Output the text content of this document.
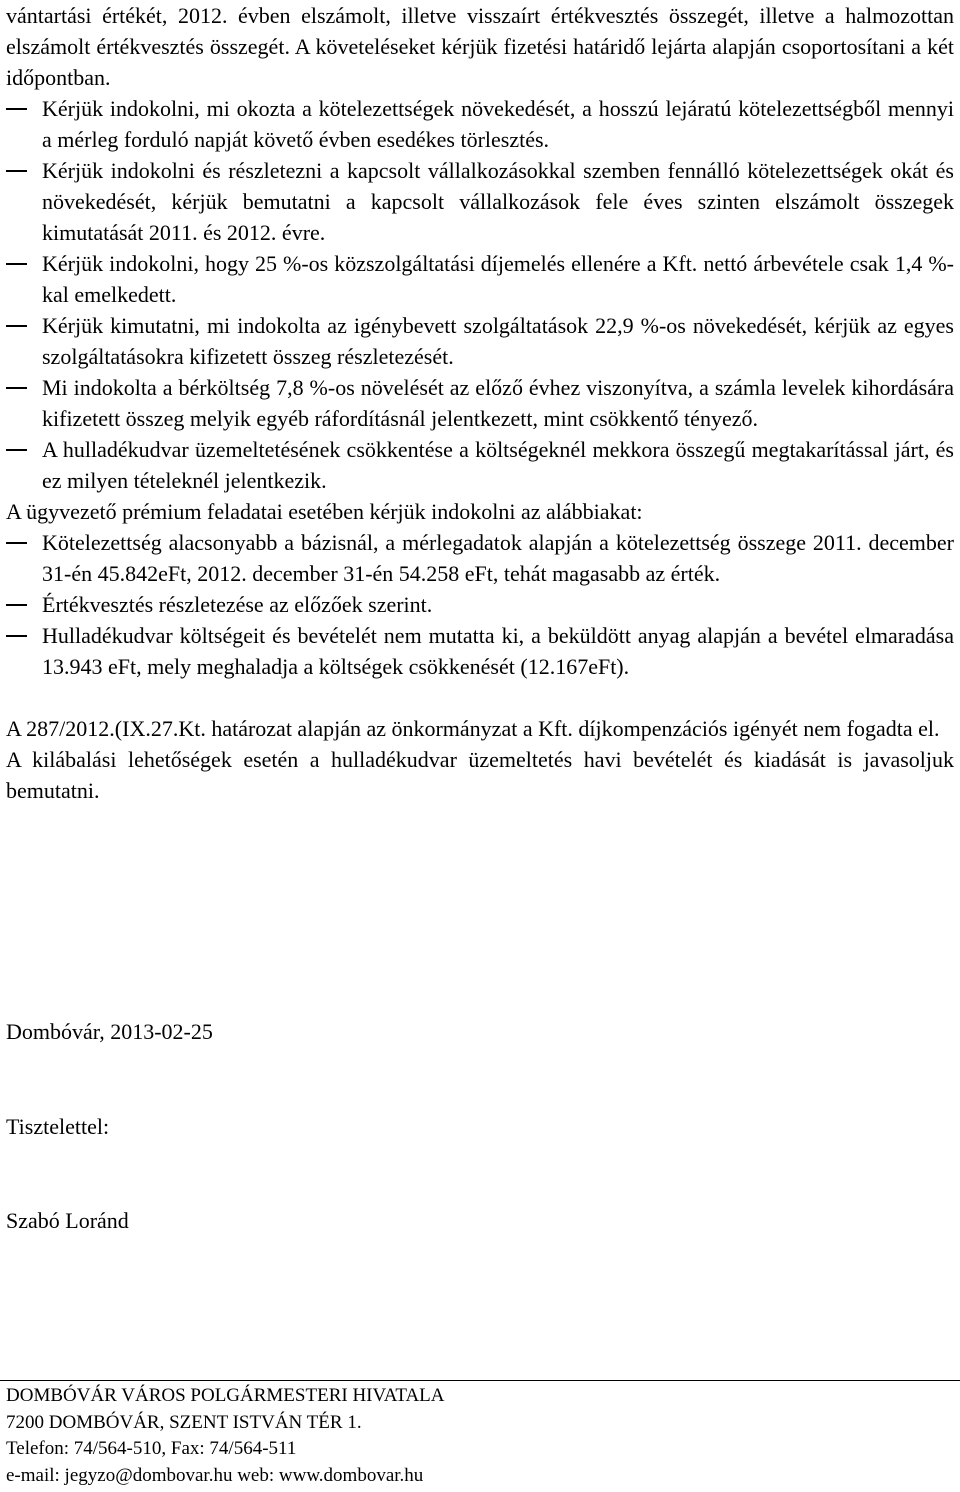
vántartási értékét, 2012. évben elszámolt, illetve visszaírt értékvesztés összegét, illetve a halmozottan elszámolt értékvesztés összegét. A követeléseket kérjük fizetési határidő lejárta alapján csoportosítani a két időpontban.

Kérjük indokolni, mi okozta a kötelezettségek növekedését, a hosszú lejáratú kötelezettségből mennyi a mérleg forduló napját követő évben esedékes törlesztés.

Kérjük indokolni és részletezni a kapcsolt vállalkozásokkal szemben fennálló kötelezettségek okát és növekedését, kérjük bemutatni a kapcsolt vállalkozások fele éves szinten elszámolt összegek kimutatását 2011. és 2012. évre.

Kérjük indokolni, hogy 25 %-os közszolgáltatási díjemelés ellenére a Kft. nettó árbevétele csak 1,4 %-kal emelkedett.

Kérjük kimutatni, mi indokolta az igénybevett szolgáltatások 22,9 %-os növekedését, kérjük az egyes szolgáltatásokra kifizetett összeg részletezését.

Mi indokolta a bérköltség 7,8 %-os növelését az előző évhez viszonyítva, a számla levelek kihordására kifizetett összeg melyik egyéb ráfordításnál jelentkezett, mint csökkentő tényező.

A hulladékudvar üzemeltetésének csökkentése a költségeknél mekkora összegű megtakarítással járt, és ez milyen tételeknél jelentkezik.

A ügyvezető prémium feladatai esetében kérjük indokolni az alábbiakat:

Kötelezettség alacsonyabb a bázisnál, a mérlegadatok alapján a kötelezettség összege 2011. december 31-én 45.842eFt, 2012. december 31-én 54.258 eFt, tehát magasabb az érték.

Értékvesztés részletezése az előzőek szerint.

Hulladékudvar költségeit és bevételét nem mutatta ki, a beküldött anyag alapján a bevétel elmaradása 13.943 eFt, mely meghaladja a költségek csökkenését (12.167eFt).

A 287/2012.(IX.27.Kt. határozat alapján az önkormányzat a Kft. díjkompenzációs igényét nem fogadta el.

A kilábalási lehetőségek esetén a hulladékudvar üzemeltetés havi bevételét és kiadását is javasoljuk bemutatni.

Dombóvár, 2013-02-25
Tisztelettel:
Szabó Loránd
DOMBÓVÁR VÁROS POLGÁRMESTERI HIVATALA
7200 DOMBÓVÁR, SZENT ISTVÁN TÉR 1.
Telefon: 74/564-510, Fax: 74/564-511
e-mail: jegyzo@dombovar.hu web: www.dombovar.hu
